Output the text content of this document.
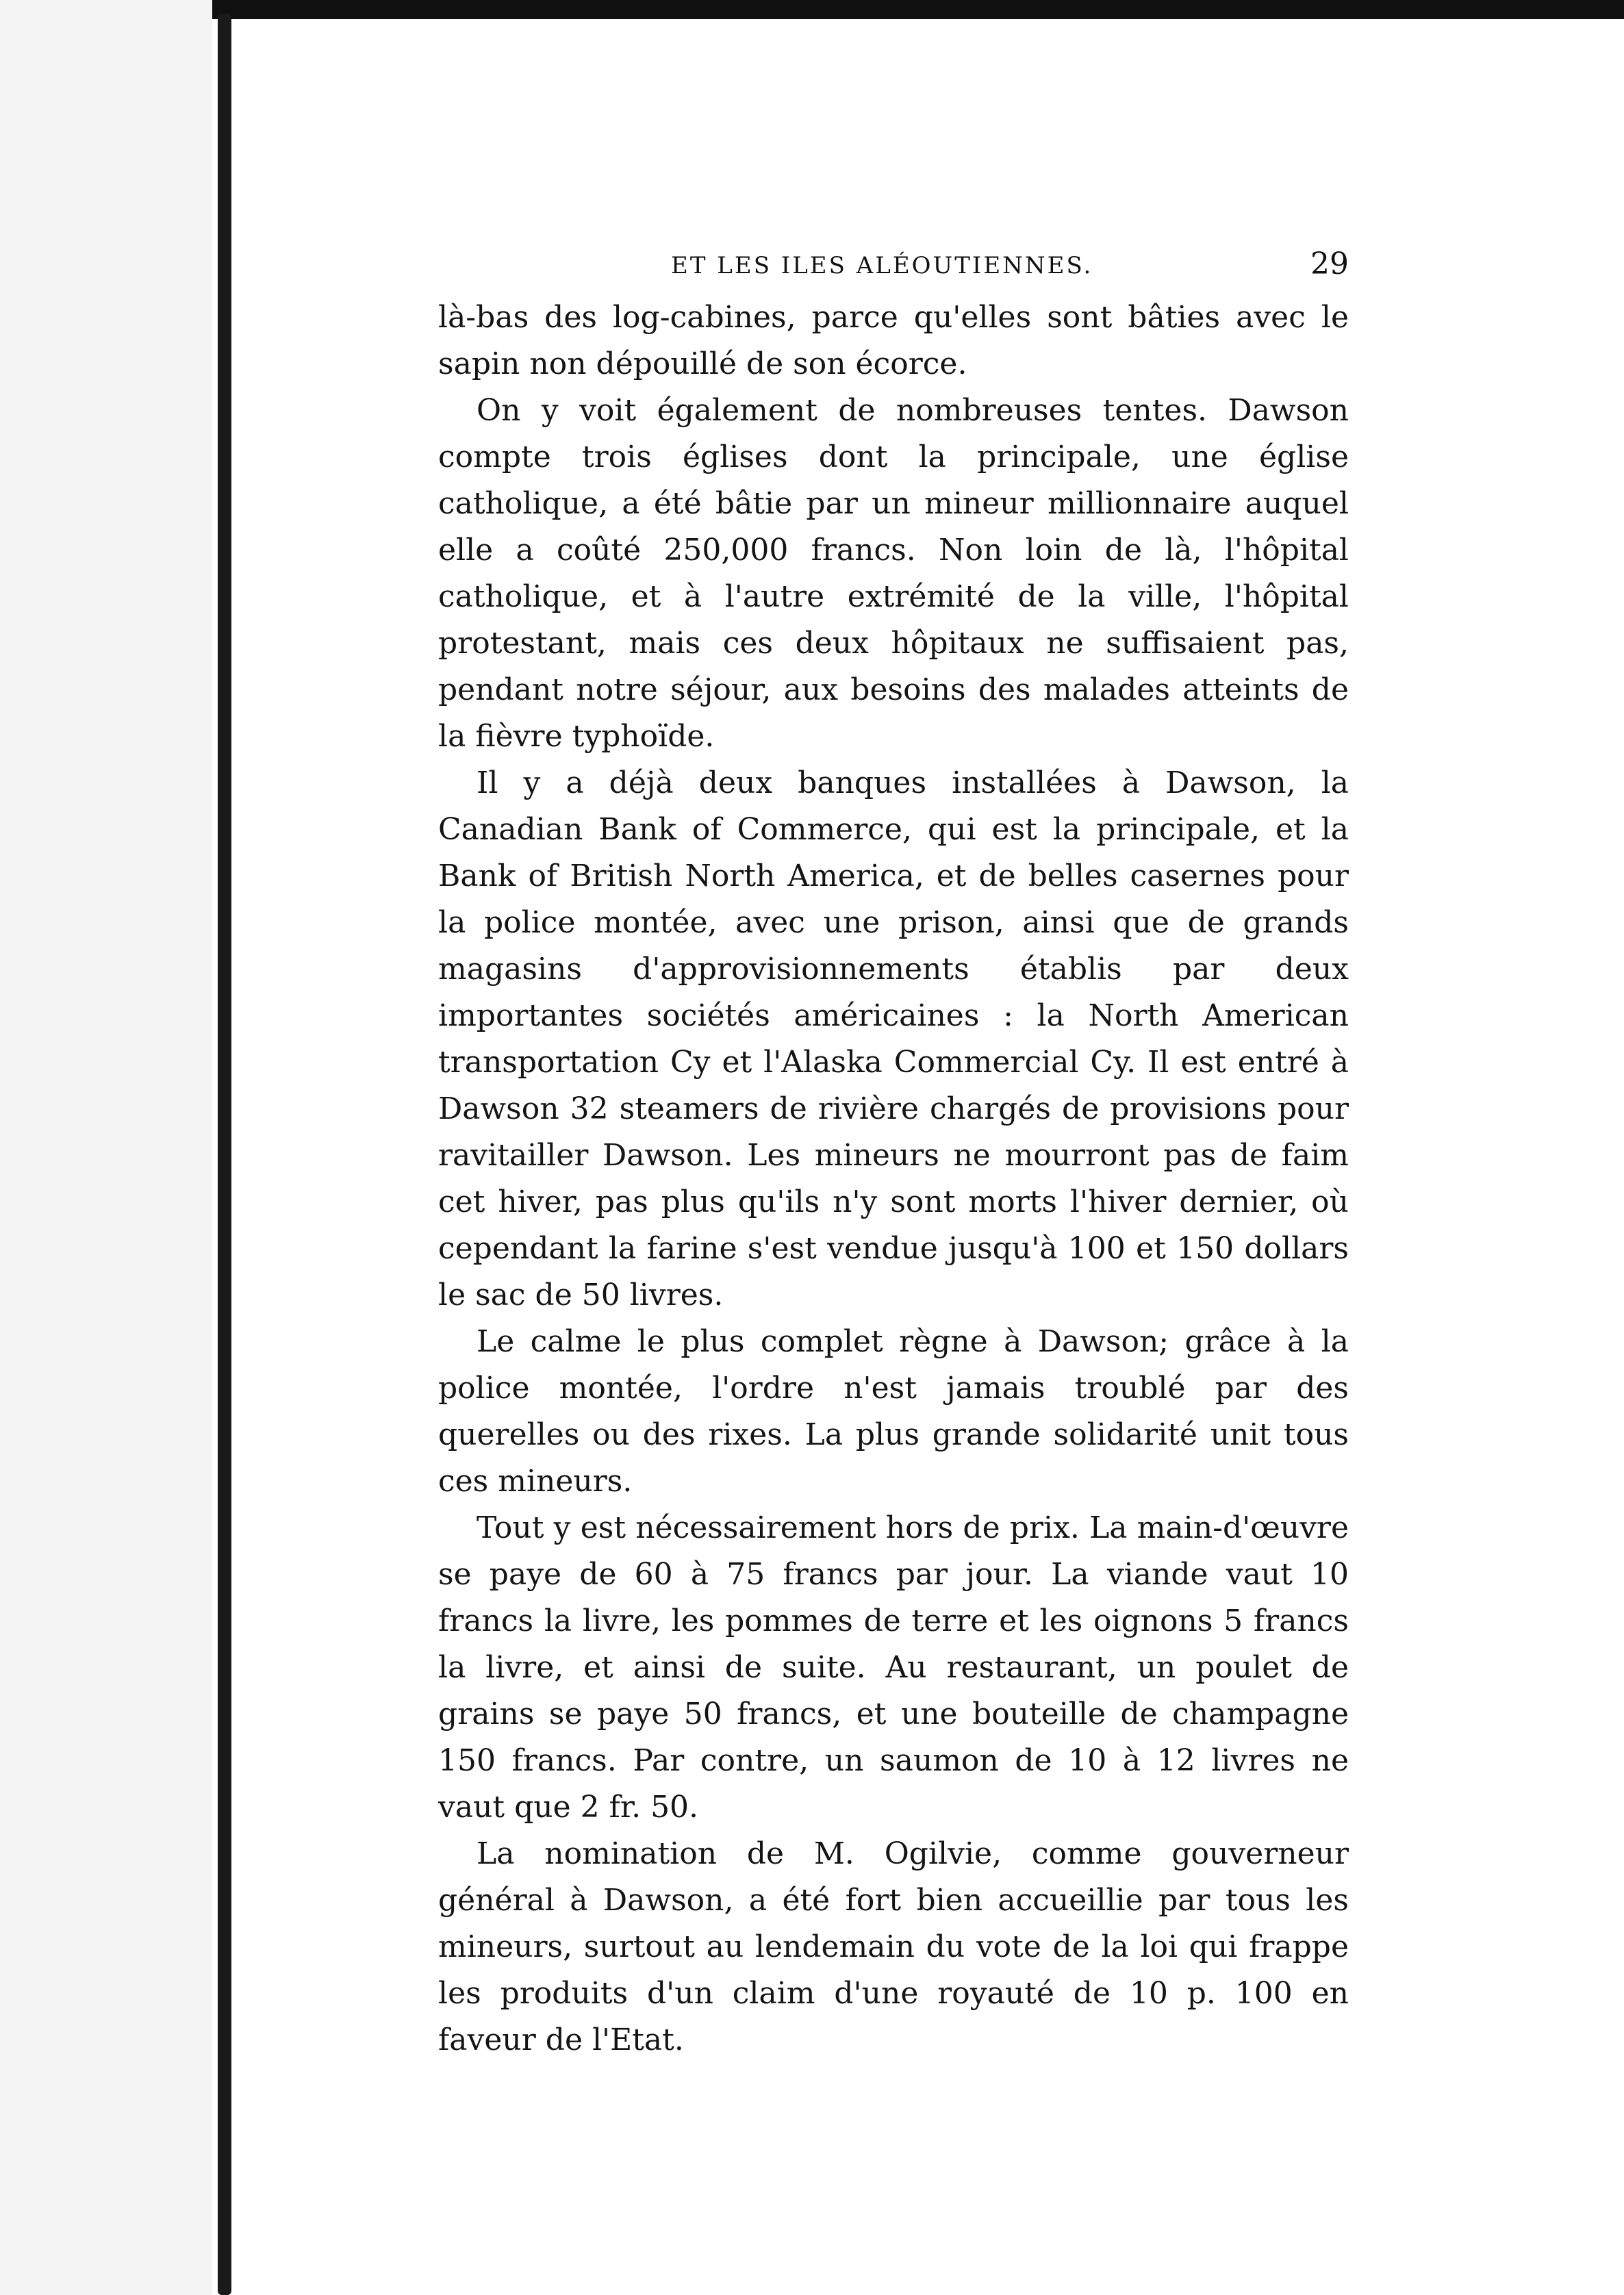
ET LES ILES ALÉOUTIENNES.	29

là-bas des log-cabines, parce qu'elles sont bâties avec le sapin non dépouillé de son écorce.

On y voit également de nombreuses tentes. Dawson compte trois églises dont la principale, une église catholique, a été bâtie par un mineur millionnaire auquel elle a coûté 250,000 francs. Non loin de là, l'hôpital catholique, et à l'autre extrémité de la ville, l'hôpital protestant, mais ces deux hôpitaux ne suffisaient pas, pendant notre séjour, aux besoins des malades atteints de la fièvre typhoïde.

Il y a déjà deux banques installées à Dawson, la Canadian Bank of Commerce, qui est la principale, et la Bank of British North America, et de belles casernes pour la police montée, avec une prison, ainsi que de grands magasins d'approvisionnements établis par deux importantes sociétés américaines : la North American transportation Cy et l'Alaska Commercial Cy. Il est entré à Dawson 32 steamers de rivière chargés de provisions pour ravitailler Dawson. Les mineurs ne mourront pas de faim cet hiver, pas plus qu'ils n'y sont morts l'hiver dernier, où cependant la farine s'est vendue jusqu'à 100 et 150 dollars le sac de 50 livres.

Le calme le plus complet règne à Dawson; grâce à la police montée, l'ordre n'est jamais troublé par des querelles ou des rixes. La plus grande solidarité unit tous ces mineurs.

Tout y est nécessairement hors de prix. La main-d'œuvre se paye de 60 à 75 francs par jour. La viande vaut 10 francs la livre, les pommes de terre et les oignons 5 francs la livre, et ainsi de suite. Au restaurant, un poulet de grains se paye 50 francs, et une bouteille de champagne 150 francs. Par contre, un saumon de 10 à 12 livres ne vaut que 2 fr. 50.

La nomination de M. Ogilvie, comme gouverneur général à Dawson, a été fort bien accueillie par tous les mineurs, surtout au lendemain du vote de la loi qui frappe les produits d'un claim d'une royauté de 10 p. 100 en faveur de l'Etat.
